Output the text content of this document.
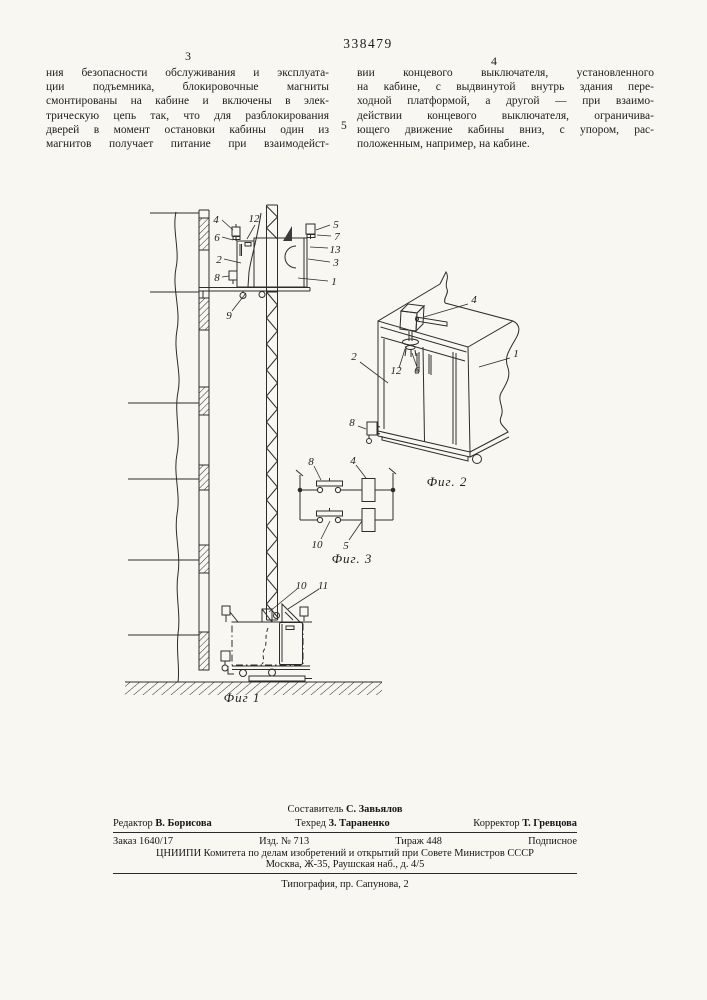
338479
3	4
ния безопасности обслуживания и эксплуата-
ции подъемника, блокировочные магниты
смонтированы на кабине и включены в элек-
трическую цепь так, что для разблокирования
дверей в момент остановки кабины один из
магнитов получает питание при взаимодейст-
вии концевого выключателя, установленного
на кабине, с выдвинутой внутрь здания пере-
ходной платформой, а другой — при взаимо-
действии концевого выключателя, ограничива-
ющего движение кабины вниз, с упором, рас-
положенным, например, на кабине.
5
4	12	5
6	7
13
2	3
8	1
9
10 11
Фиг 1
4
1
2
12 6
8
Фиг. 2
8	4
10 5
Фиг. 3
Составитель С. Завьялов
Редактор В. Борисова	Техред З. Тараненко	Корректор Т. Гревцова
Заказ 1640/17	Изд. № 713	Тираж 448	Подписное
ЦНИИПИ Комитета по делам изобретений и открытий при Совете Министров СССР
Москва, Ж-35, Раушская наб., д. 4/5
Типография, пр. Сапунова, 2
